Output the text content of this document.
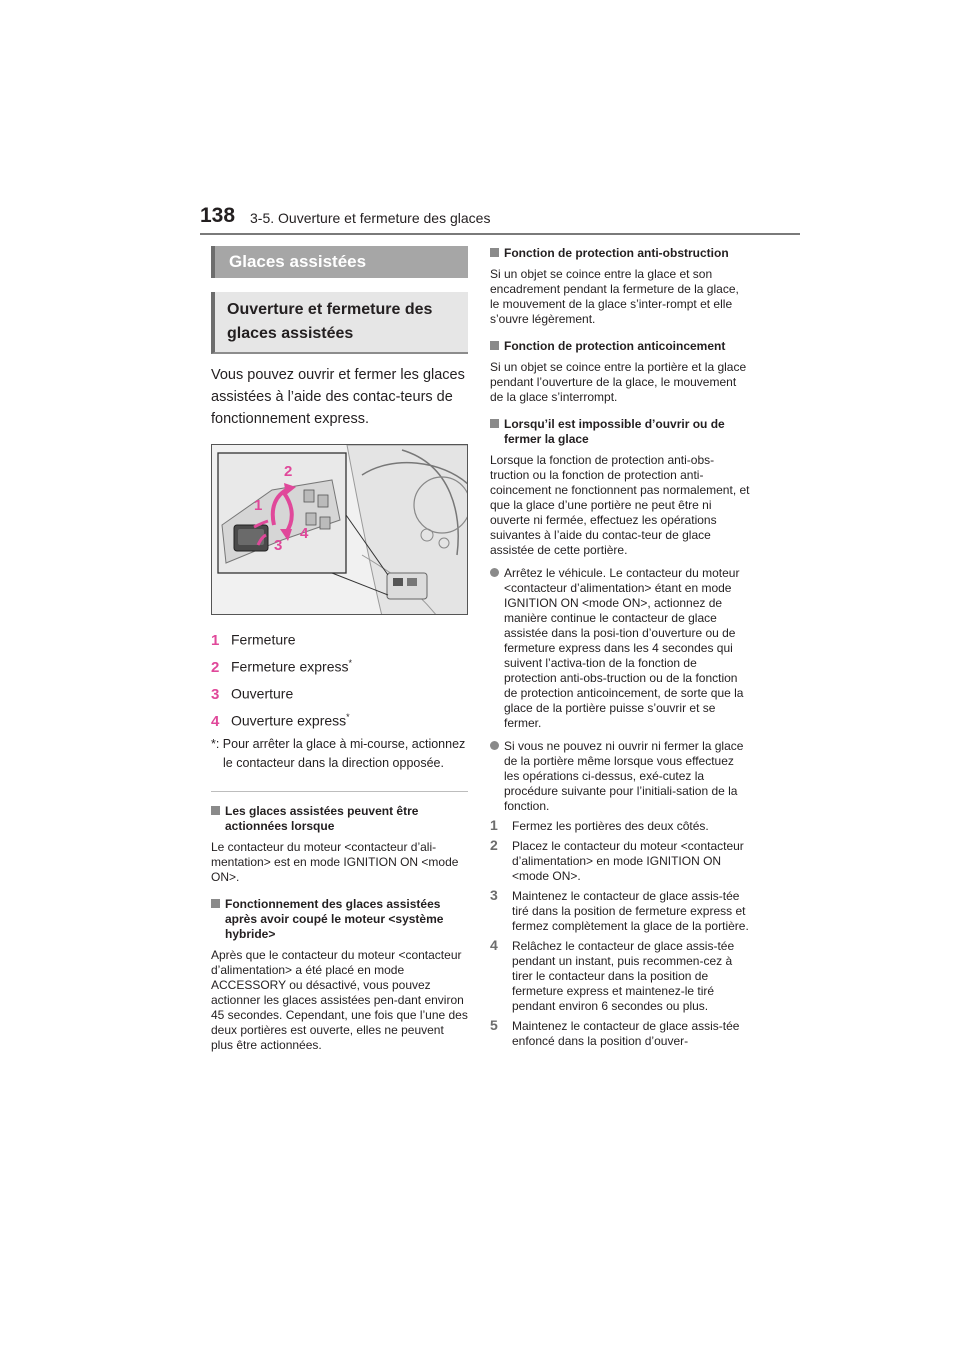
138 3-5. Ouverture et fermeture des glaces
Glaces assistées
Ouverture et fermeture des glaces assistées
Vous pouvez ouvrir et fermer les glaces assistées à l’aide des contac-teurs de fonctionnement express.
2
1
3
4
1 Fermeture
2 Fermeture express*
3 Ouverture
4 Ouverture express*
*: Pour arrêter la glace à mi-course, actionnez le contacteur dans la direction opposée.
Les glaces assistées peuvent être actionnées lorsque
Le contacteur du moteur <contacteur d’ali-mentation> est en mode IGNITION ON <mode ON>.
Fonctionnement des glaces assistées après avoir coupé le moteur <système hybride>
Après que le contacteur du moteur <contacteur d’alimentation> a été placé en mode ACCESSORY ou désactivé, vous pouvez actionner les glaces assistées pen-dant environ 45 secondes. Cependant, une fois que l’une des deux portières est ouverte, elles ne peuvent plus être actionnées.
Fonction de protection anti-obstruction
Si un objet se coince entre la glace et son encadrement pendant la fermeture de la glace, le mouvement de la glace s’inter-rompt et elle s’ouvre légèrement.
Fonction de protection anticoincement
Si un objet se coince entre la portière et la glace pendant l’ouverture de la glace, le mouvement de la glace s’interrompt.
Lorsqu’il est impossible d’ouvrir ou de fermer la glace
Lorsque la fonction de protection anti-obs-truction ou la fonction de protection anti-coincement ne fonctionnent pas normalement, et que la glace d’une portière ne peut être ni ouverte ni fermée, effectuez les opérations suivantes à l’aide du contac-teur de glace assistée de cette portière.
Arrêtez le véhicule. Le contacteur du moteur <contacteur d’alimentation> étant en mode IGNITION ON <mode ON>, actionnez de manière continue le contacteur de glace assistée dans la posi-tion d’ouverture ou de fermeture express dans les 4 secondes qui suivent l’activa-tion de la fonction de protection anti-obs-truction ou de la fonction de protection anticoincement, de sorte que la glace de la portière puisse s’ouvrir et se fermer.
Si vous ne pouvez ni ouvrir ni fermer la glace de la portière même lorsque vous effectuez les opérations ci-dessus, exé-cutez la procédure suivante pour l’initiali-sation de la fonction.
1 Fermez les portières des deux côtés.
2 Placez le contacteur du moteur <contacteur d’alimentation> en mode IGNITION ON <mode ON>.
3 Maintenez le contacteur de glace assis-tée tiré dans la position de fermeture express et fermez complètement la glace de la portière.
4 Relâchez le contacteur de glace assis-tée pendant un instant, puis recommen-cez à tirer le contacteur dans la position de fermeture express et maintenez-le tiré pendant environ 6 secondes ou plus.
5 Maintenez le contacteur de glace assis-tée enfoncé dans la position d’ouver-
